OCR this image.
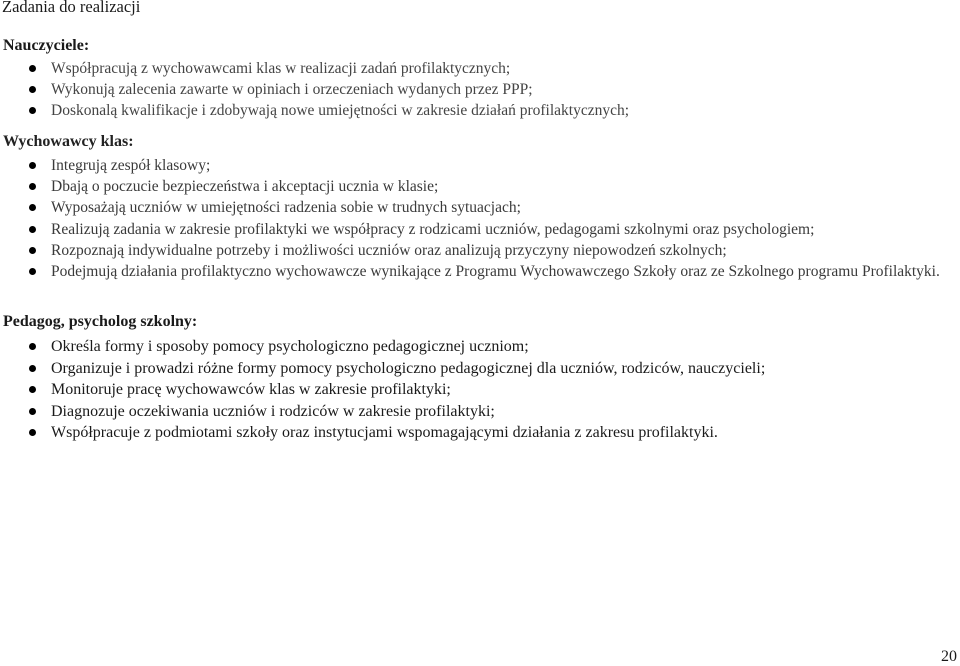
Zadania do realizacji
Nauczyciele:
Współpracują z wychowawcami klas w realizacji zadań profilaktycznych;
Wykonują zalecenia zawarte w opiniach i orzeczeniach wydanych przez PPP;
Doskonalą kwalifikacje i zdobywają nowe umiejętności w zakresie działań profilaktycznych;
Wychowawcy klas:
Integrują zespół klasowy;
Dbają o poczucie bezpieczeństwa i akceptacji ucznia w klasie;
Wyposażają uczniów w umiejętności radzenia sobie w trudnych sytuacjach;
Realizują zadania w zakresie profilaktyki we współpracy z rodzicami uczniów, pedagogami szkolnymi oraz psychologiem;
Rozpoznają indywidualne potrzeby i możliwości uczniów oraz analizują przyczyny niepowodzeń szkolnych;
Podejmują działania profilaktyczno wychowawcze wynikające z Programu Wychowawczego Szkoły oraz ze Szkolnego programu Profilaktyki.
Pedagog, psycholog szkolny:
Określa formy i sposoby pomocy psychologiczno pedagogicznej uczniom;
Organizuje i prowadzi różne formy pomocy psychologiczno pedagogicznej dla uczniów, rodziców, nauczycieli;
Monitoruje pracę wychowawców klas w zakresie profilaktyki;
Diagnozuje oczekiwania uczniów i rodziców w zakresie profilaktyki;
Współpracuje z podmiotami szkoły oraz instytucjami wspomagającymi działania z zakresu profilaktyki.
20
